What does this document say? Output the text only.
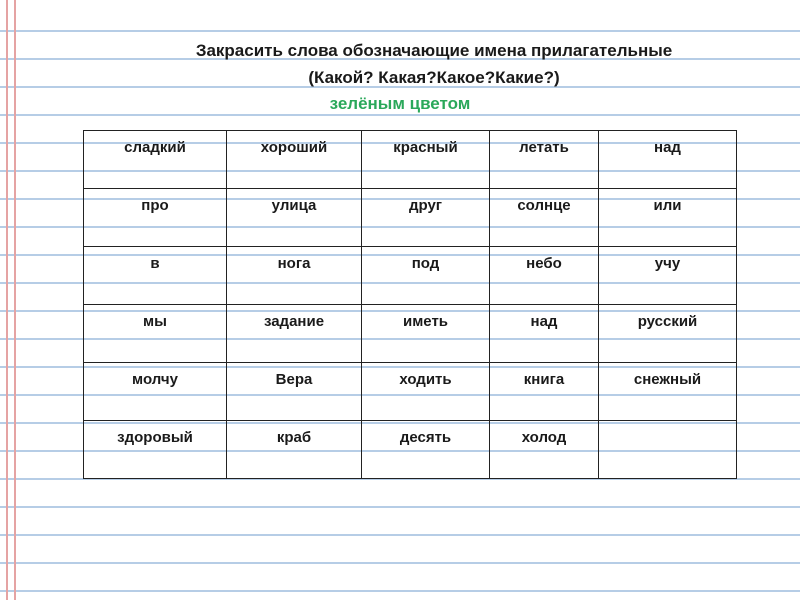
Закрасить слова обозначающие имена прилагательные
(Какой? Какая?Какое?Какие?)
зелёным цветом
сладкий	хороший	красный	летать	над

про	улица	друг	солнце	или

в	нога	под	небо	учу

мы	задание	иметь	над	русский

молчу	Вера	ходить	книга	снежный

здоровый	краб	десять	холод	
